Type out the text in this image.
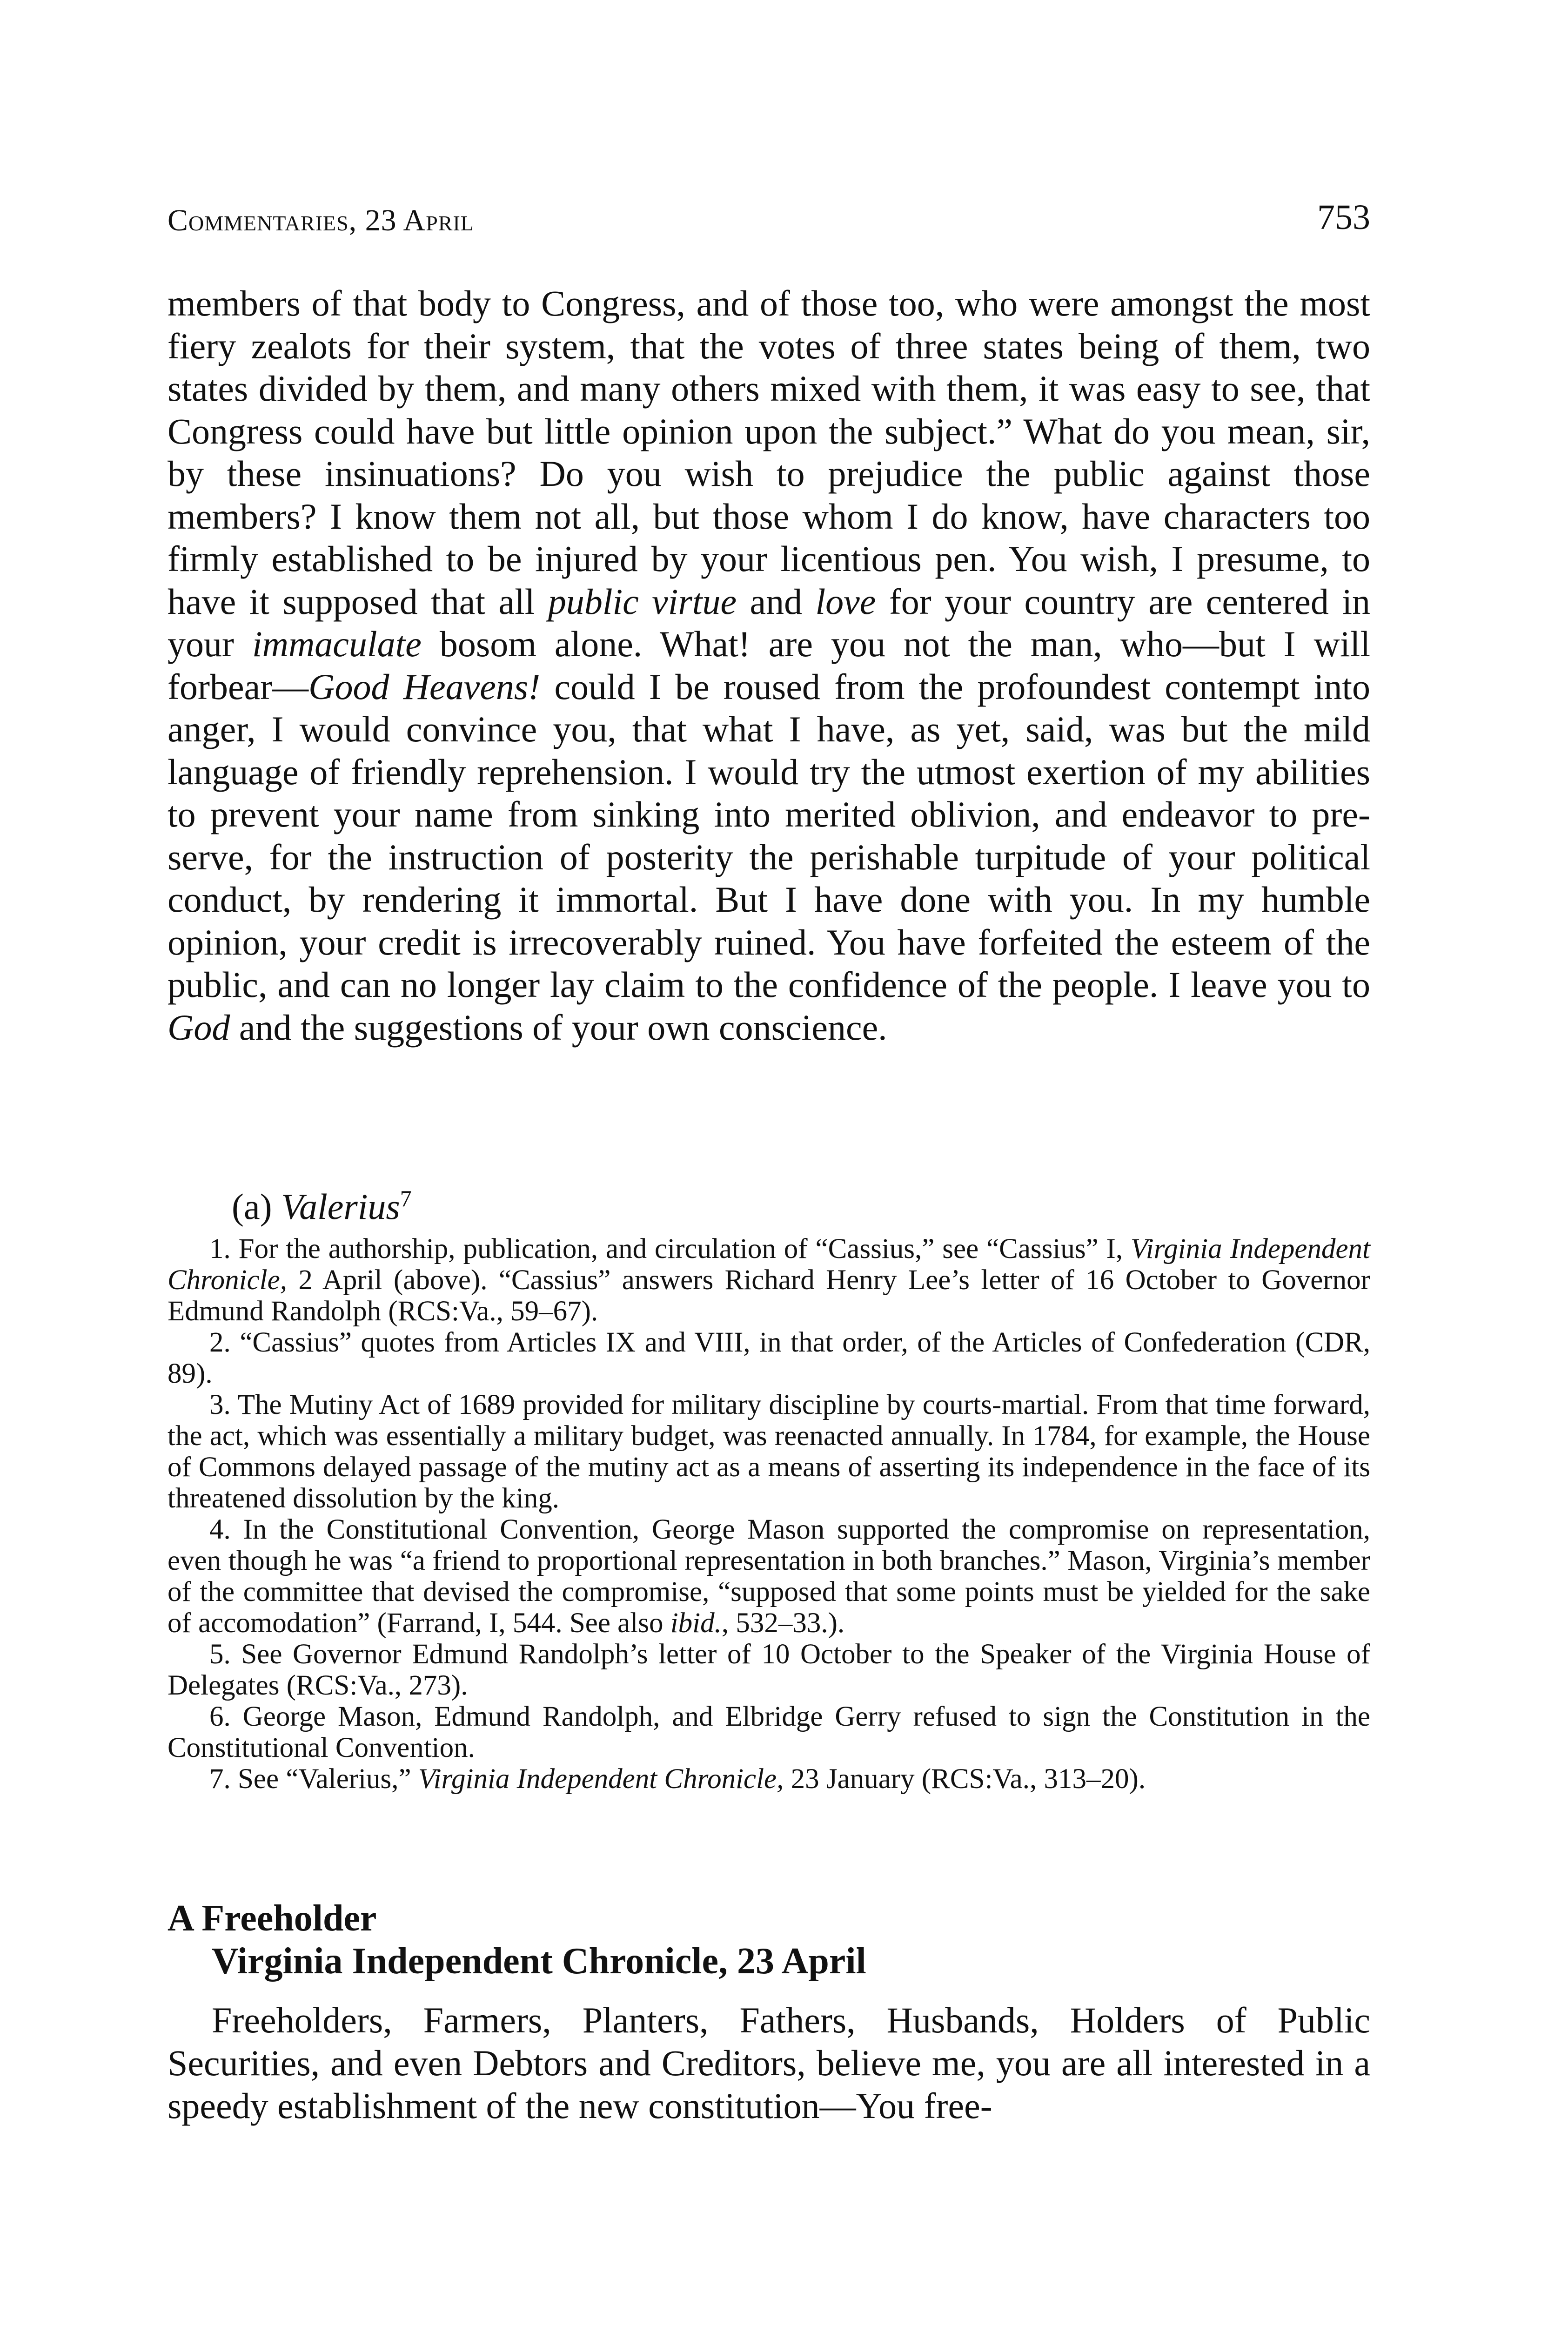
Commentaries, 23 April	753

members of that body to Congress, and of those too, who were amongst the most fiery zealots for their system, that the votes of three states being of them, two states divided by them, and many others mixed with them, it was easy to see, that Congress could have but little opinion upon the subject.” What do you mean, sir, by these insinuations? Do you wish to prejudice the public against those members? I know them not all, but those whom I do know, have characters too firmly established to be injured by your licentious pen. You wish, I presume, to have it supposed that all public virtue and love for your country are centered in your immaculate bosom alone. What! are you not the man, who—but I will forbear—Good Heavens! could I be roused from the profoundest contempt into anger, I would convince you, that what I have, as yet, said, was but the mild language of friendly reprehension. I would try the utmost exertion of my abilities to prevent your name from sinking into merited oblivion, and endeavor to preserve, for the instruction of posterity the perishable turpitude of your political conduct, by rendering it immortal. But I have done with you. In my humble opinion, your credit is irrecoverably ruined. You have forfeited the esteem of the public, and can no longer lay claim to the confidence of the people. I leave you to God and the suggestions of your own conscience.

(a) Valerius$^7$

1. For the authorship, publication, and circulation of “Cassius,” see “Cassius” I, Virginia Independent Chronicle, 2 April (above). “Cassius” answers Richard Henry Lee’s letter of 16 October to Governor Edmund Randolph (RCS:Va., 59–67).

2. “Cassius” quotes from Articles IX and VIII, in that order, of the Articles of Confederation (CDR, 89).

3. The Mutiny Act of 1689 provided for military discipline by courts-martial. From that time forward, the act, which was essentially a military budget, was reenacted annually. In 1784, for example, the House of Commons delayed passage of the mutiny act as a means of asserting its independence in the face of its threatened dissolution by the king.

4. In the Constitutional Convention, George Mason supported the compromise on representation, even though he was “a friend to proportional representation in both branches.” Mason, Virginia’s member of the committee that devised the compromise, “supposed that some points must be yielded for the sake of accomodation” (Farrand, I, 544. See also ibid., 532–33.).

5. See Governor Edmund Randolph’s letter of 10 October to the Speaker of the Virginia House of Delegates (RCS:Va., 273).

6. George Mason, Edmund Randolph, and Elbridge Gerry refused to sign the Constitution in the Constitutional Convention.

7. See “Valerius,” Virginia Independent Chronicle, 23 January (RCS:Va., 313–20).

A Freeholder
Virginia Independent Chronicle, 23 April

Freeholders, Farmers, Planters, Fathers, Husbands, Holders of Public Securities, and even Debtors and Creditors, believe me, you are all interested in a speedy establishment of the new constitution—You free-
